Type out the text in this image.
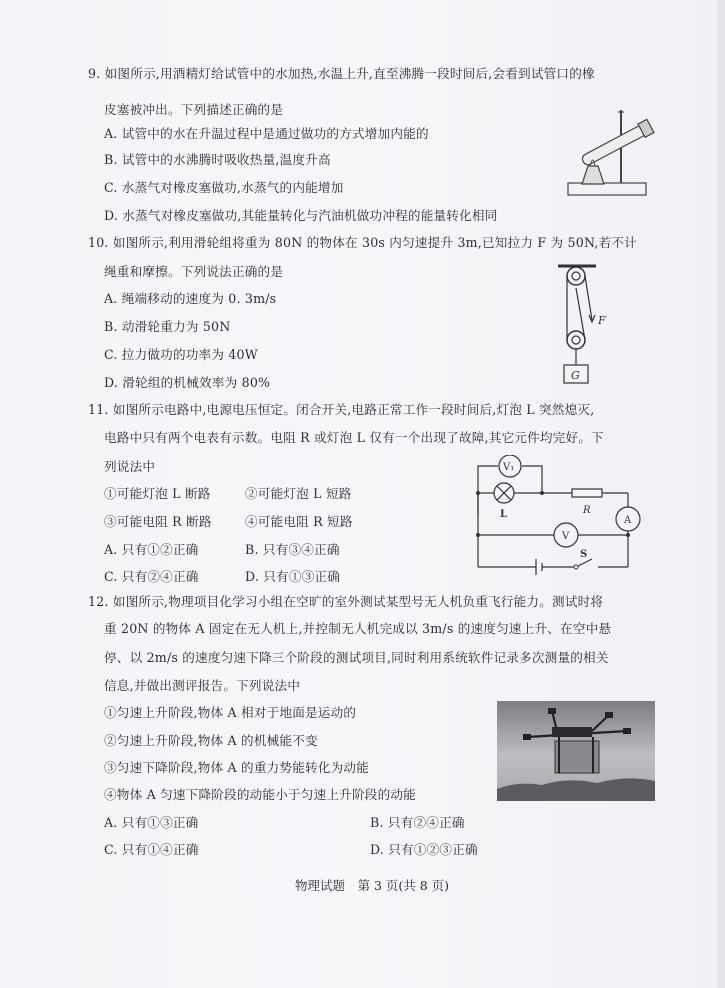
9. 如图所示,用酒精灯给试管中的水加热,水温上升,直至沸腾一段时间后,会看到试管口的橡
皮塞被冲出。下列描述正确的是
A. 试管中的水在升温过程中是通过做功的方式增加内能的
B. 试管中的水沸腾时吸收热量,温度升高
C. 水蒸气对橡皮塞做功,水蒸气的内能增加
D. 水蒸气对橡皮塞做功,其能量转化与汽油机做功冲程的能量转化相同
10. 如图所示,利用滑轮组将重为 80N 的物体在 30s 内匀速提升 3m,已知拉力 F 为 50N,若不计
绳重和摩擦。下列说法正确的是
A. 绳端移动的速度为 0. 3m/s
B. 动滑轮重力为 50N
C. 拉力做功的功率为 40W
D. 滑轮组的机械效率为 80%
F
G
11. 如图所示电路中,电源电压恒定。闭合开关,电路正常工作一段时间后,灯泡 L 突然熄灭,
电路中只有两个电表有示数。电阻 R 或灯泡 L 仅有一个出现了故障,其它元件均完好。下
列说法中
①可能灯泡 L 断路	②可能灯泡 L 短路
③可能电阻 R 断路	④可能电阻 R 短路
A. 只有①②正确	B. 只有③④正确
C. 只有②④正确	D. 只有①③正确
V₁
L	R
A
V
S
12. 如图所示,物理项目化学习小组在空旷的室外测试某型号无人机负重飞行能力。测试时将
重 20N 的物体 A 固定在无人机上,并控制无人机完成以 3m/s 的速度匀速上升、在空中悬
停、以 2m/s 的速度匀速下降三个阶段的测试项目,同时利用系统软件记录多次测量的相关
信息,并做出测评报告。下列说法中
①匀速上升阶段,物体 A 相对于地面是运动的
②匀速上升阶段,物体 A 的机械能不变
③匀速下降阶段,物体 A 的重力势能转化为动能
④物体 A 匀速下降阶段的动能小于匀速上升阶段的动能
A. 只有①③正确	B. 只有②④正确
C. 只有①④正确	D. 只有①②③正确
物理试题　第 3 页(共 8 页)
